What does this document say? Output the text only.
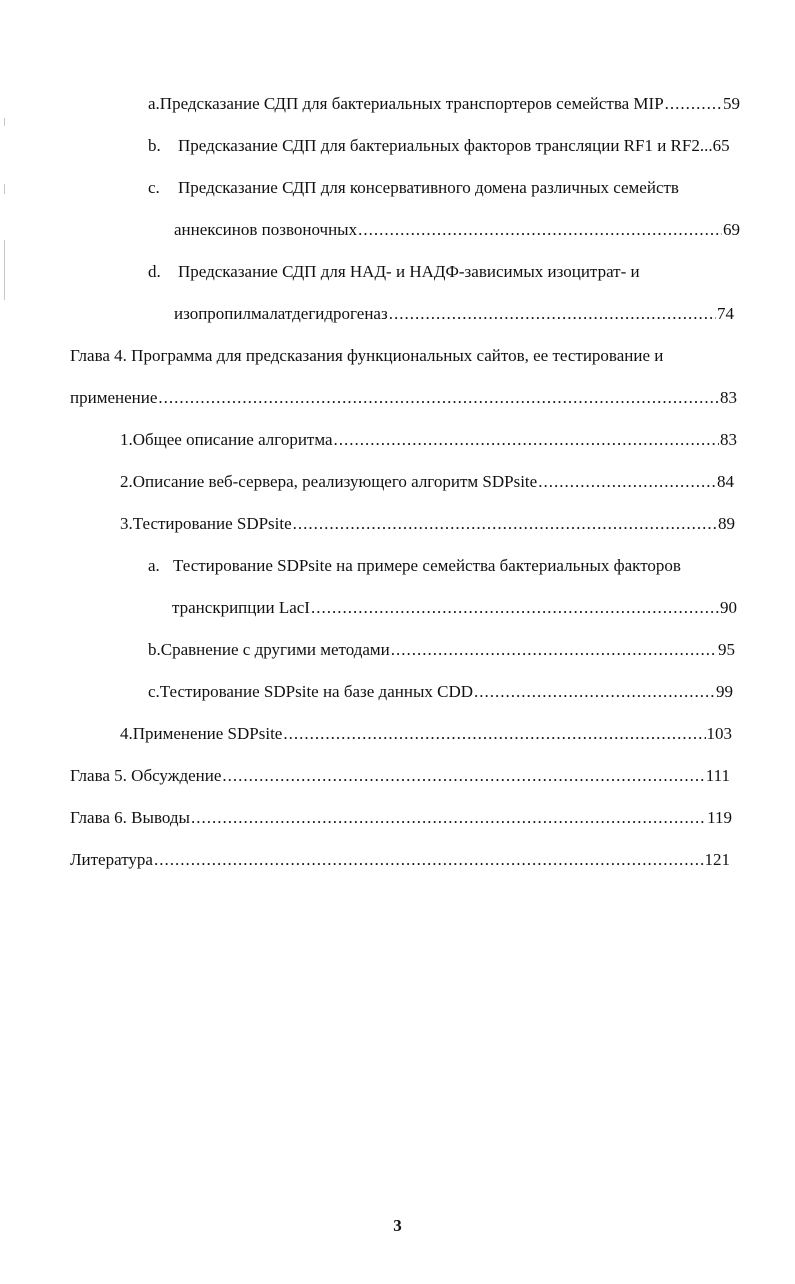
a. Предсказание СДП для бактериальных транспортеров семейства MIP .....	59
b.	Предсказание СДП для бактериальных факторов трансляции RF1 и RF2 ... 65
c.	Предсказание СДП для консервативного домена различных семейств
аннексинов позвоночных .....	69
d.	Предсказание СДП для НАД- и НАДФ-зависимых изоцитрат- и
изопропилмалатдегидрогеназ .....	74
Глава 4. Программа для предсказания функциональных сайтов, ее тестирование и
применение .....	83
1. Общее описание алгоритма .....	83
2. Описание веб-сервера, реализующего алгоритм SDPsite .....	84
3. Тестирование SDPsite .....	89
a. Тестирование SDPsite на примере семейства бактериальных факторов
транскрипции LacI .....	90
b. Сравнение с другими методами .....	95
c. Тестирование SDPsite на базе данных CDD .....	99
4. Применение SDPsite .....	103
Глава 5. Обсуждение .....	111
Глава 6. Выводы .....	119
Литература .....	121
3
